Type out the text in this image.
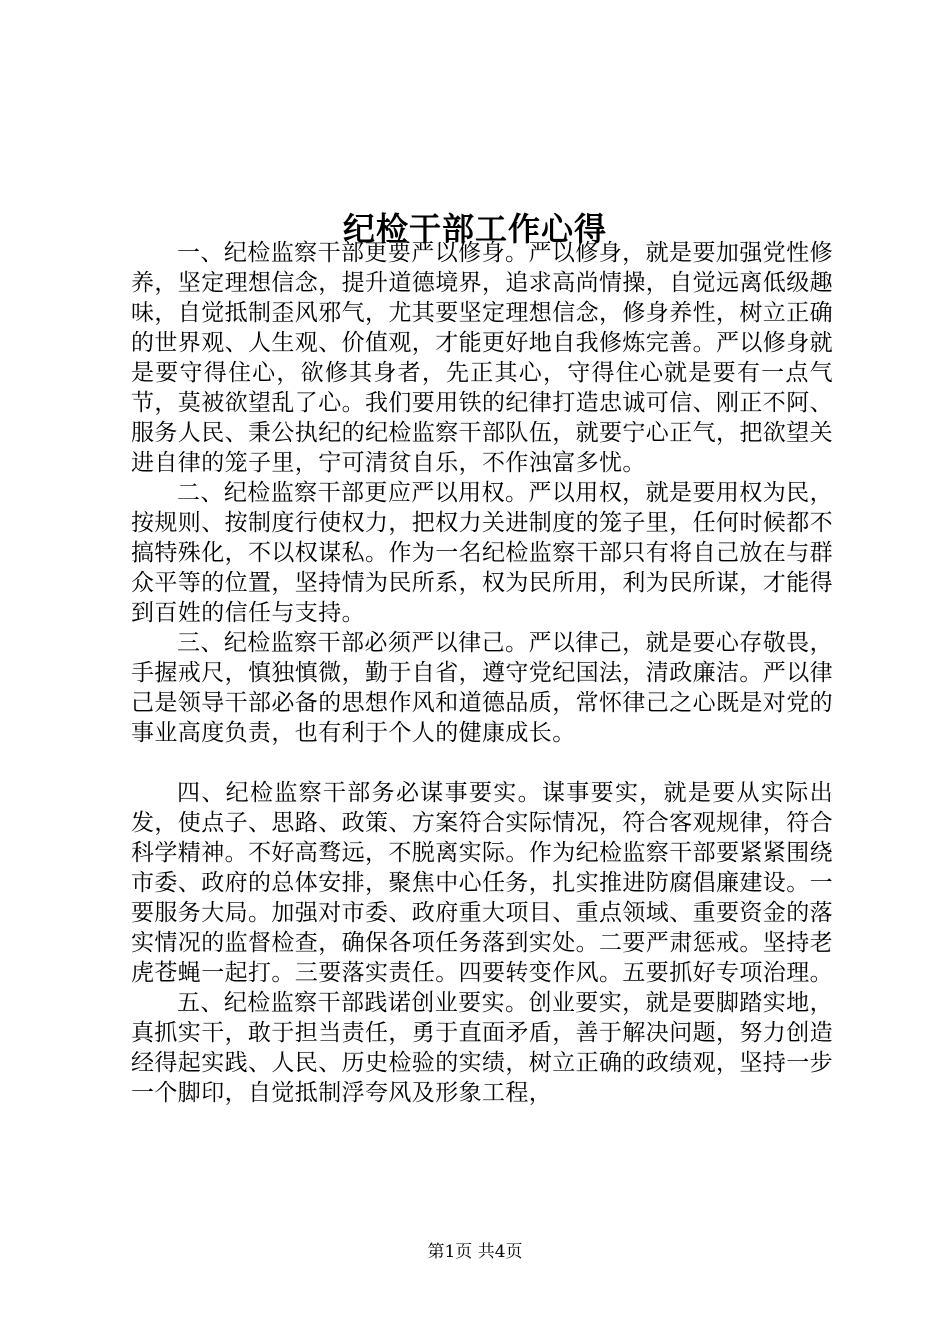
纪检干部工作心得

一、纪检监察干部更要严以修身。严以修身，就是要加强党性修养，坚定理想信念，提升道德境界，追求高尚情操，自觉远离低级趣味，自觉抵制歪风邪气，尤其要坚定理想信念，修身养性，树立正确的世界观、人生观、价值观，才能更好地自我修炼完善。严以修身就是要守得住心，欲修其身者，先正其心，守得住心就是要有一点气节，莫被欲望乱了心。我们要用铁的纪律打造忠诚可信、刚正不阿、服务人民、秉公执纪的纪检监察干部队伍，就要宁心正气，把欲望关进自律的笼子里，宁可清贫自乐，不作浊富多忧。

二、纪检监察干部更应严以用权。严以用权，就是要用权为民，按规则、按制度行使权力，把权力关进制度的笼子里，任何时候都不搞特殊化，不以权谋私。作为一名纪检监察干部只有将自己放在与群众平等的位置，坚持情为民所系，权为民所用，利为民所谋，才能得到百姓的信任与支持。

三、纪检监察干部必须严以律己。严以律己，就是要心存敬畏，手握戒尺，慎独慎微，勤于自省，遵守党纪国法，清政廉洁。严以律己是领导干部必备的思想作风和道德品质，常怀律己之心既是对党的事业高度负责，也有利于个人的健康成长。

四、纪检监察干部务必谋事要实。谋事要实，就是要从实际出发，使点子、思路、政策、方案符合实际情况，符合客观规律，符合科学精神。不好高骛远，不脱离实际。作为纪检监察干部要紧紧围绕市委、政府的总体安排，聚焦中心任务，扎实推进防腐倡廉建设。一要服务大局。加强对市委、政府重大项目、重点领域、重要资金的落实情况的监督检查，确保各项任务落到实处。二要严肃惩戒。坚持老虎苍蝇一起打。三要落实责任。四要转变作风。五要抓好专项治理。

五、纪检监察干部践诺创业要实。创业要实，就是要脚踏实地，真抓实干，敢于担当责任，勇于直面矛盾，善于解决问题，努力创造经得起实践、人民、历史检验的实绩，树立正确的政绩观，坚持一步一个脚印，自觉抵制浮夸风及形象工程，

第1页 共4页
